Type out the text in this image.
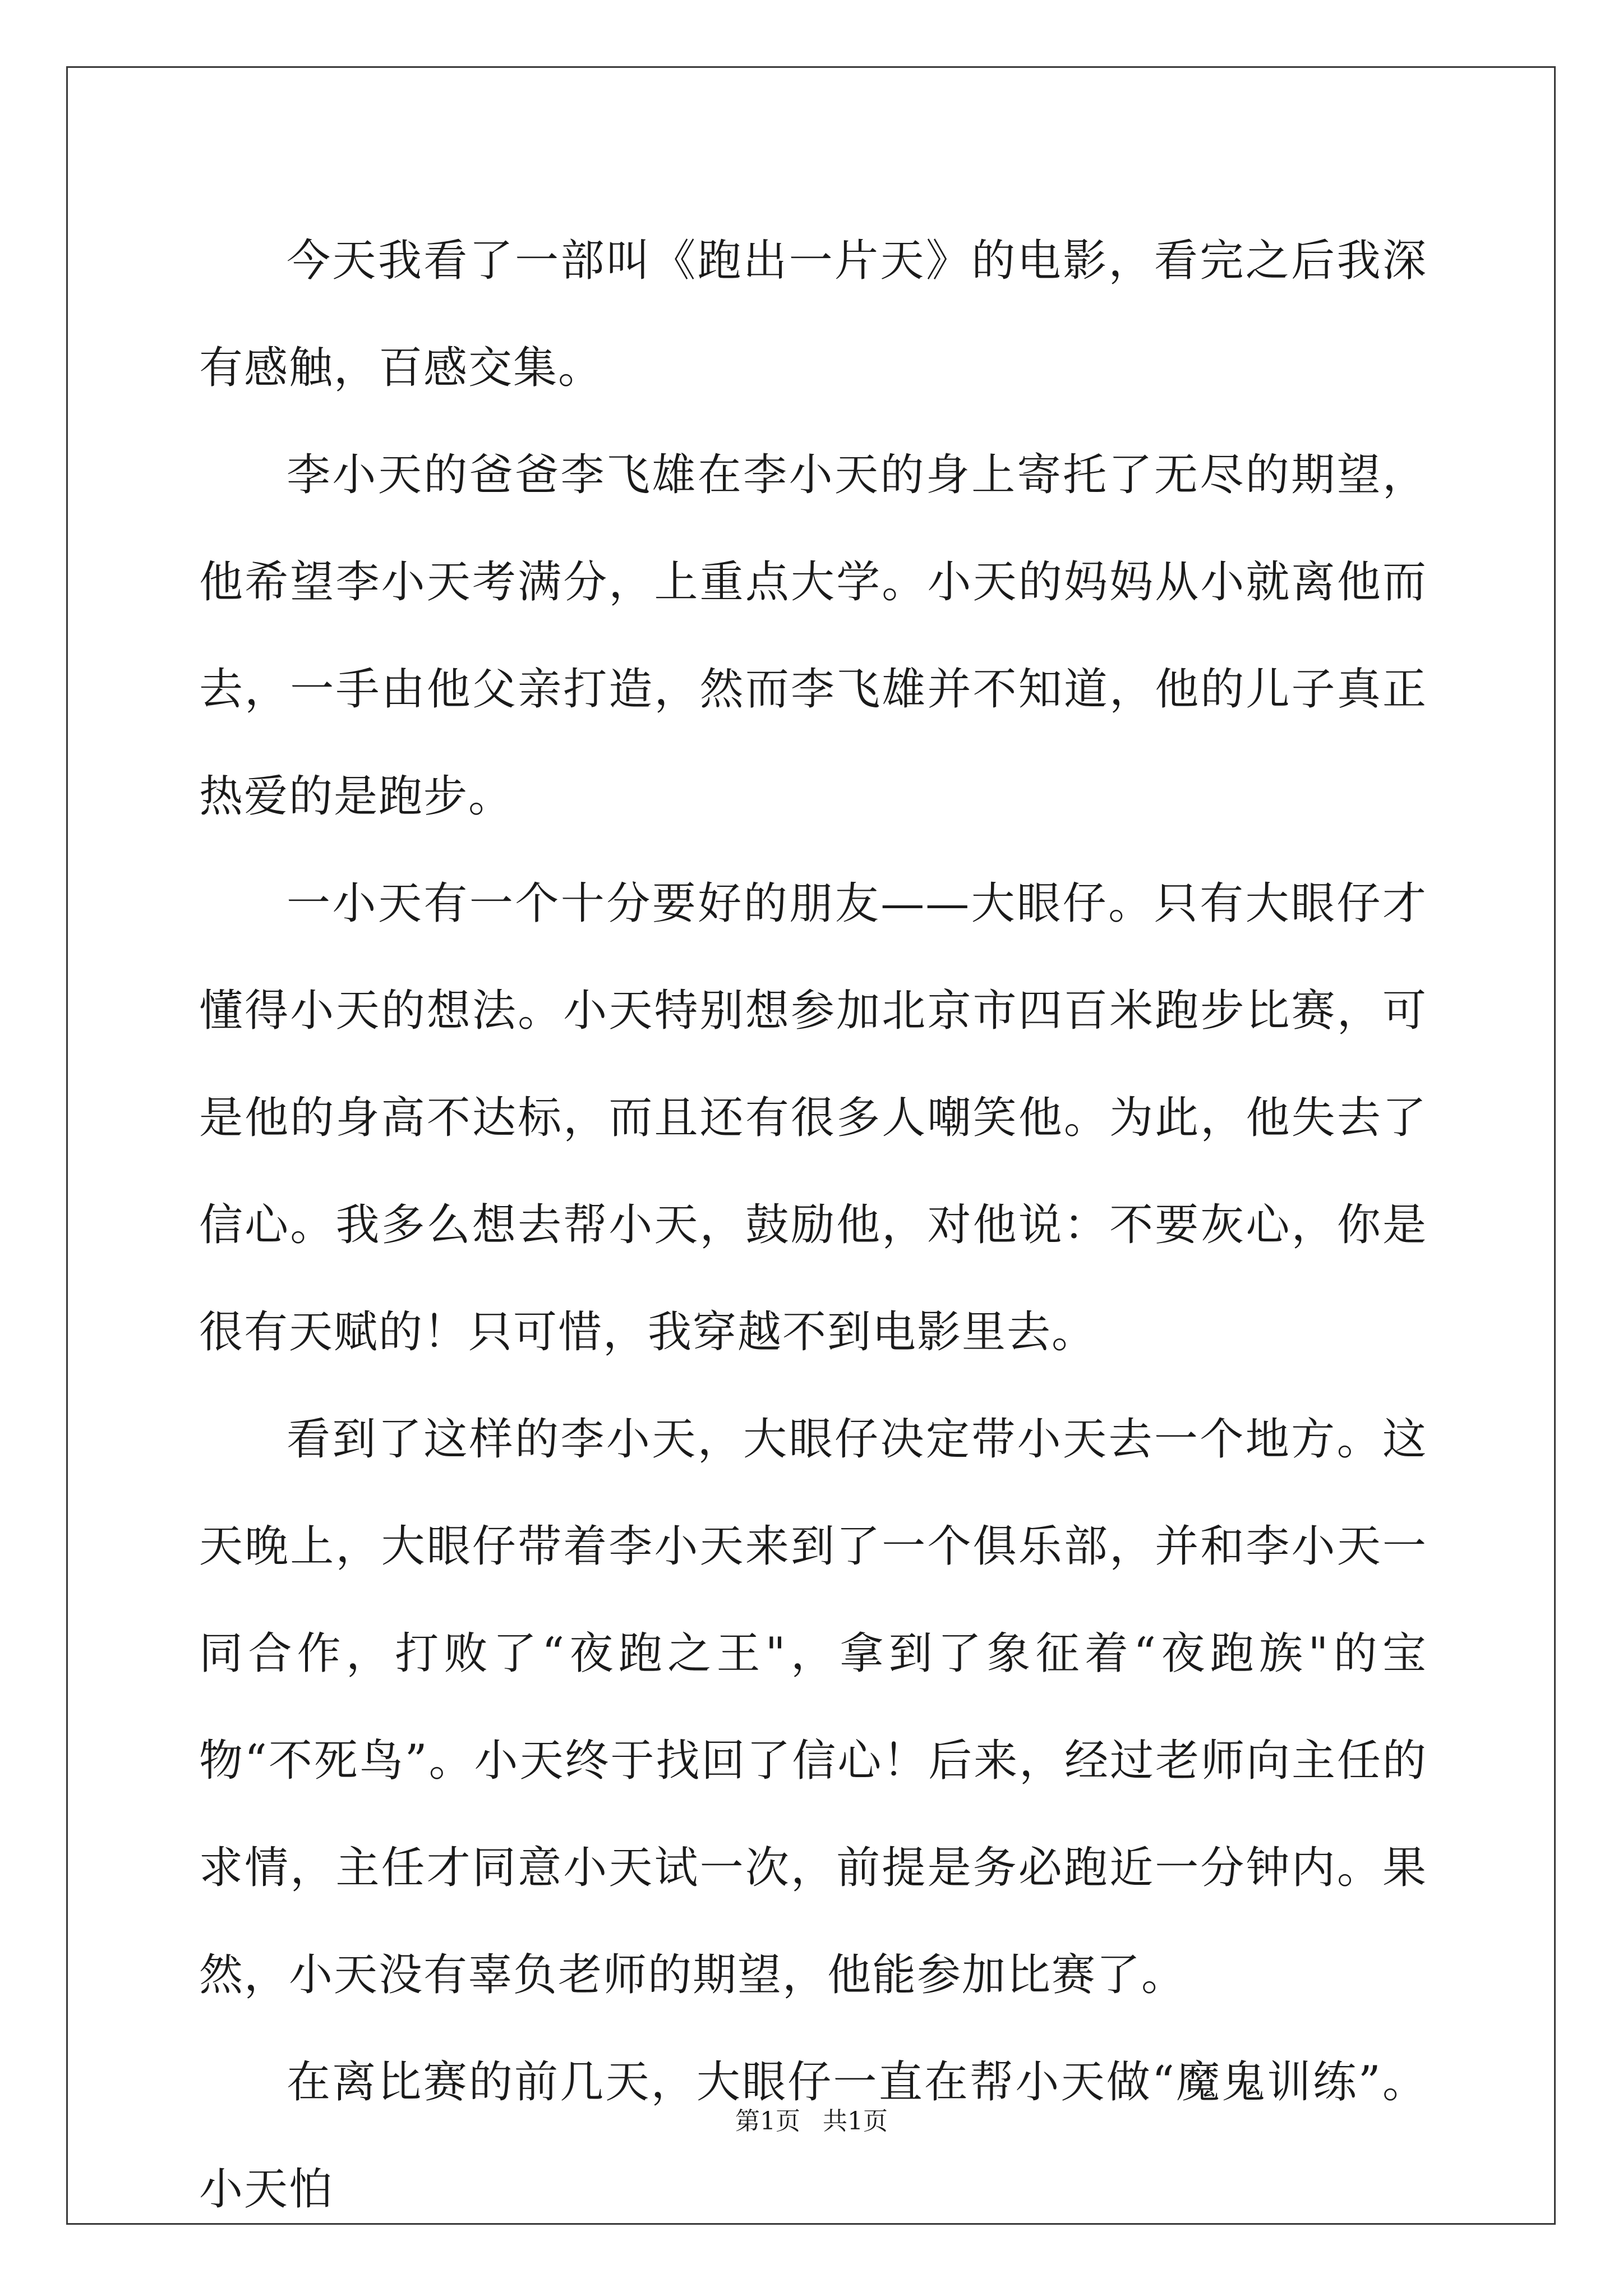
今天我看了一部叫《跑出一片天》的电影，看完之后我深有感触，百感交集。

李小天的爸爸李飞雄在李小天的身上寄托了无尽的期望，他希望李小天考满分，上重点大学。小天的妈妈从小就离他而去，一手由他父亲打造，然而李飞雄并不知道，他的儿子真正热爱的是跑步。

一小天有一个十分要好的朋友——大眼仔。只有大眼仔才懂得小天的想法。小天特别想参加北京市四百米跑步比赛，可是他的身高不达标，而且还有很多人嘲笑他。为此，他失去了信心。我多么想去帮小天，鼓励他，对他说：不要灰心，你是很有天赋的！只可惜，我穿越不到电影里去。

看到了这样的李小天，大眼仔决定带小天去一个地方。这天晚上，大眼仔带着李小天来到了一个俱乐部，并和李小天一同合作，打败了“夜跑之王"，拿到了象征着“夜跑族"的宝物“不死鸟”。小天终于找回了信心！后来，经过老师向主任的求情，主任才同意小天试一次，前提是务必跑近一分钟内。果然，小天没有辜负老师的期望，他能参加比赛了。

在离比赛的前几天，大眼仔一直在帮小天做“魔鬼训练”。小天怕

第1页 共1页
